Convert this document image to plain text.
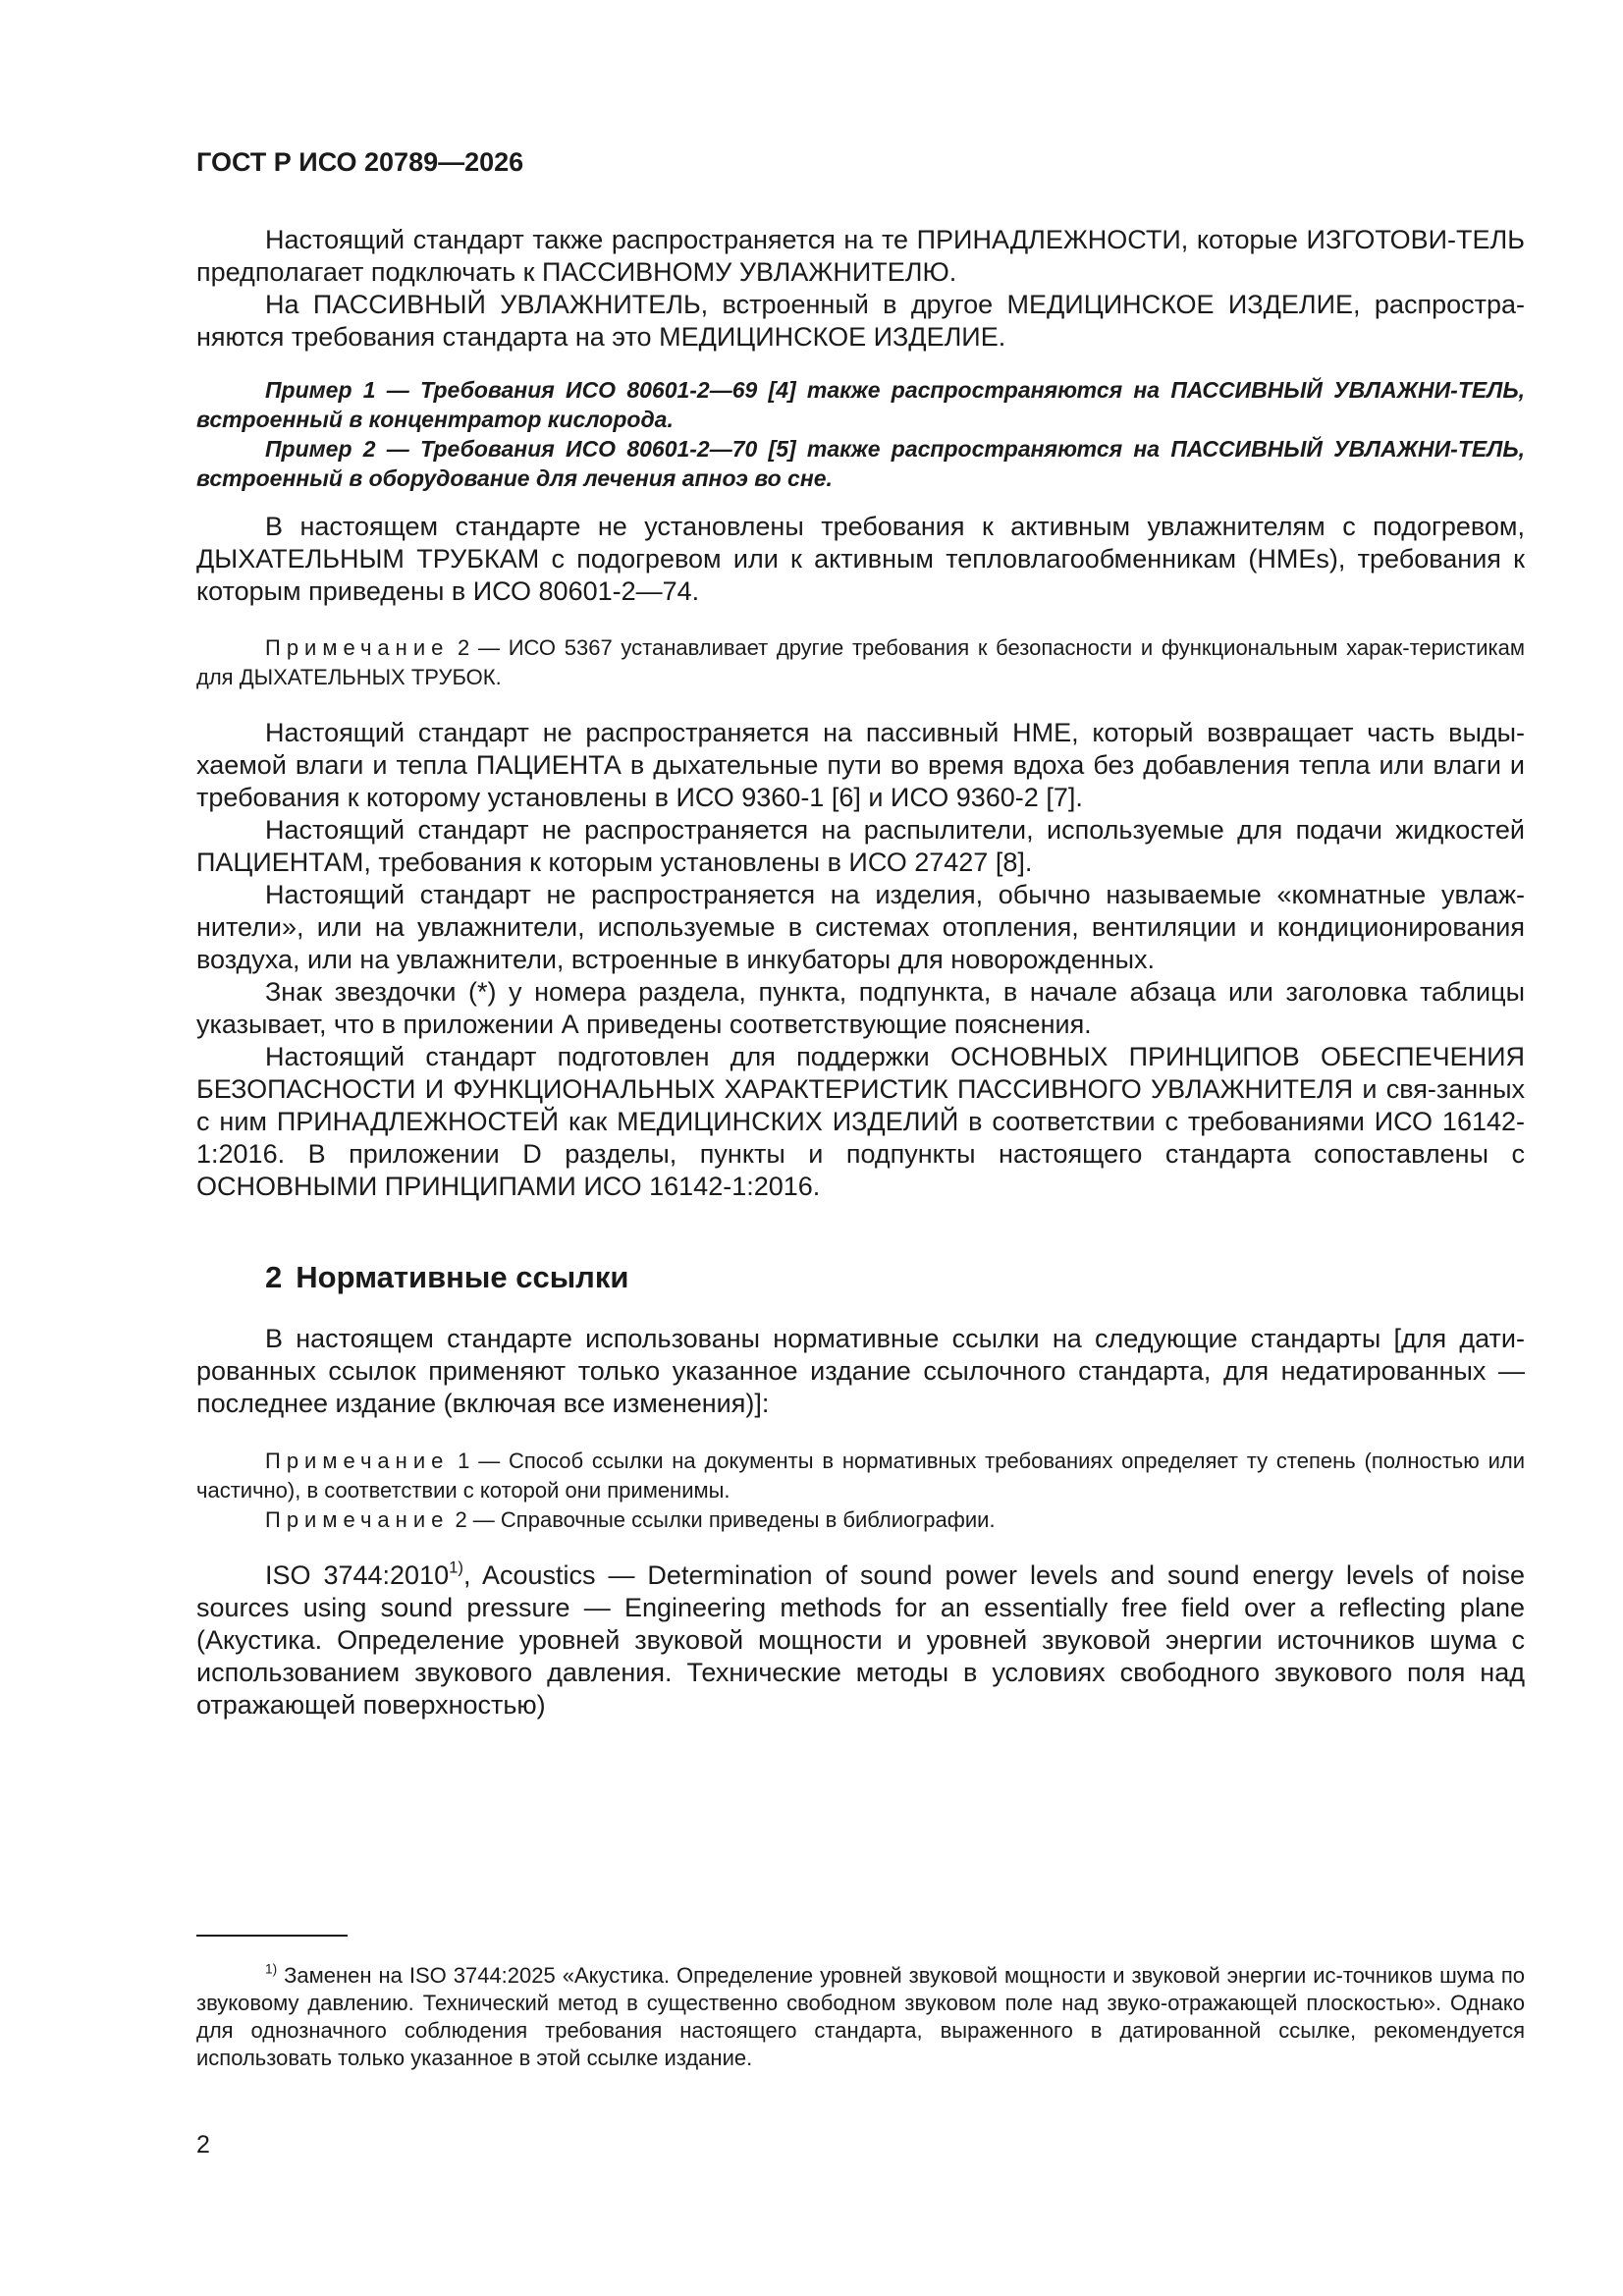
ГОСТ Р ИСО 20789—2026

Настоящий стандарт также распространяется на те ПРИНАДЛЕЖНОСТИ, которые ИЗГОТОВИ-ТЕЛЬ предполагает подключать к ПАССИВНОМУ УВЛАЖНИТЕЛЮ.

На ПАССИВНЫЙ УВЛАЖНИТЕЛЬ, встроенный в другое МЕДИЦИНСКОЕ ИЗДЕЛИЕ, распростра-няются требования стандарта на это МЕДИЦИНСКОЕ ИЗДЕЛИЕ.

Пример 1 — Требования ИСО 80601-2—69 [4] также распространяются на ПАССИВНЫЙ УВЛАЖНИ-ТЕЛЬ, встроенный в концентратор кислорода.

Пример 2 — Требования ИСО 80601-2—70 [5] также распространяются на ПАССИВНЫЙ УВЛАЖНИ-ТЕЛЬ, встроенный в оборудование для лечения апноэ во сне.

В настоящем стандарте не установлены требования к активным увлажнителям с подогревом, ДЫХАТЕЛЬНЫМ ТРУБКАМ с подогревом или к активным тепловлагообменникам (HMEs), требования к которым приведены в ИСО 80601-2—74.

Примечание 2 — ИСО 5367 устанавливает другие требования к безопасности и функциональным харак-теристикам для ДЫХАТЕЛЬНЫХ ТРУБОК.

Настоящий стандарт не распространяется на пассивный НМЕ, который возвращает часть выды-хаемой влаги и тепла ПАЦИЕНТА в дыхательные пути во время вдоха без добавления тепла или влаги и требования к которому установлены в ИСО 9360-1 [6] и ИСО 9360-2 [7].

Настоящий стандарт не распространяется на распылители, используемые для подачи жидкостей ПАЦИЕНТАМ, требования к которым установлены в ИСО 27427 [8].

Настоящий стандарт не распространяется на изделия, обычно называемые «комнатные увлаж-нители», или на увлажнители, используемые в системах отопления, вентиляции и кондиционирования воздуха, или на увлажнители, встроенные в инкубаторы для новорожденных.

Знак звездочки (*) у номера раздела, пункта, подпункта, в начале абзаца или заголовка таблицы указывает, что в приложении А приведены соответствующие пояснения.

Настоящий стандарт подготовлен для поддержки ОСНОВНЫХ ПРИНЦИПОВ ОБЕСПЕЧЕНИЯ БЕЗОПАСНОСТИ И ФУНКЦИОНАЛЬНЫХ ХАРАКТЕРИСТИК ПАССИВНОГО УВЛАЖНИТЕЛЯ и свя-занных с ним ПРИНАДЛЕЖНОСТЕЙ как МЕДИЦИНСКИХ ИЗДЕЛИЙ в соответствии с требованиями ИСО 16142-1:2016. В приложении D разделы, пункты и подпункты настоящего стандарта сопоставлены с ОСНОВНЫМИ ПРИНЦИПАМИ ИСО 16142-1:2016.

2 Нормативные ссылки

В настоящем стандарте использованы нормативные ссылки на следующие стандарты [для дати-рованных ссылок применяют только указанное издание ссылочного стандарта, для недатированных — последнее издание (включая все изменения)]:

Примечание 1 — Способ ссылки на документы в нормативных требованиях определяет ту степень (полностью или частично), в соответствии с которой они применимы.

Примечание 2 — Справочные ссылки приведены в библиографии.

ISO 3744:2010$^{1)}$, Acoustics — Determination of sound power levels and sound energy levels of noise sources using sound pressure — Engineering methods for an essentially free field over a reflecting plane (Акустика. Определение уровней звуковой мощности и уровней звуковой энергии источников шума с использованием звукового давления. Технические методы в условиях свободного звукового поля над отражающей поверхностью)

$^{1)}$ Заменен на ISO 3744:2025 «Акустика. Определение уровней звуковой мощности и звуковой энергии ис-точников шума по звуковому давлению. Технический метод в существенно свободном звуковом поле над звуко-отражающей плоскостью». Однако для однозначного соблюдения требования настоящего стандарта, выраженного в датированной ссылке, рекомендуется использовать только указанное в этой ссылке издание.

2
